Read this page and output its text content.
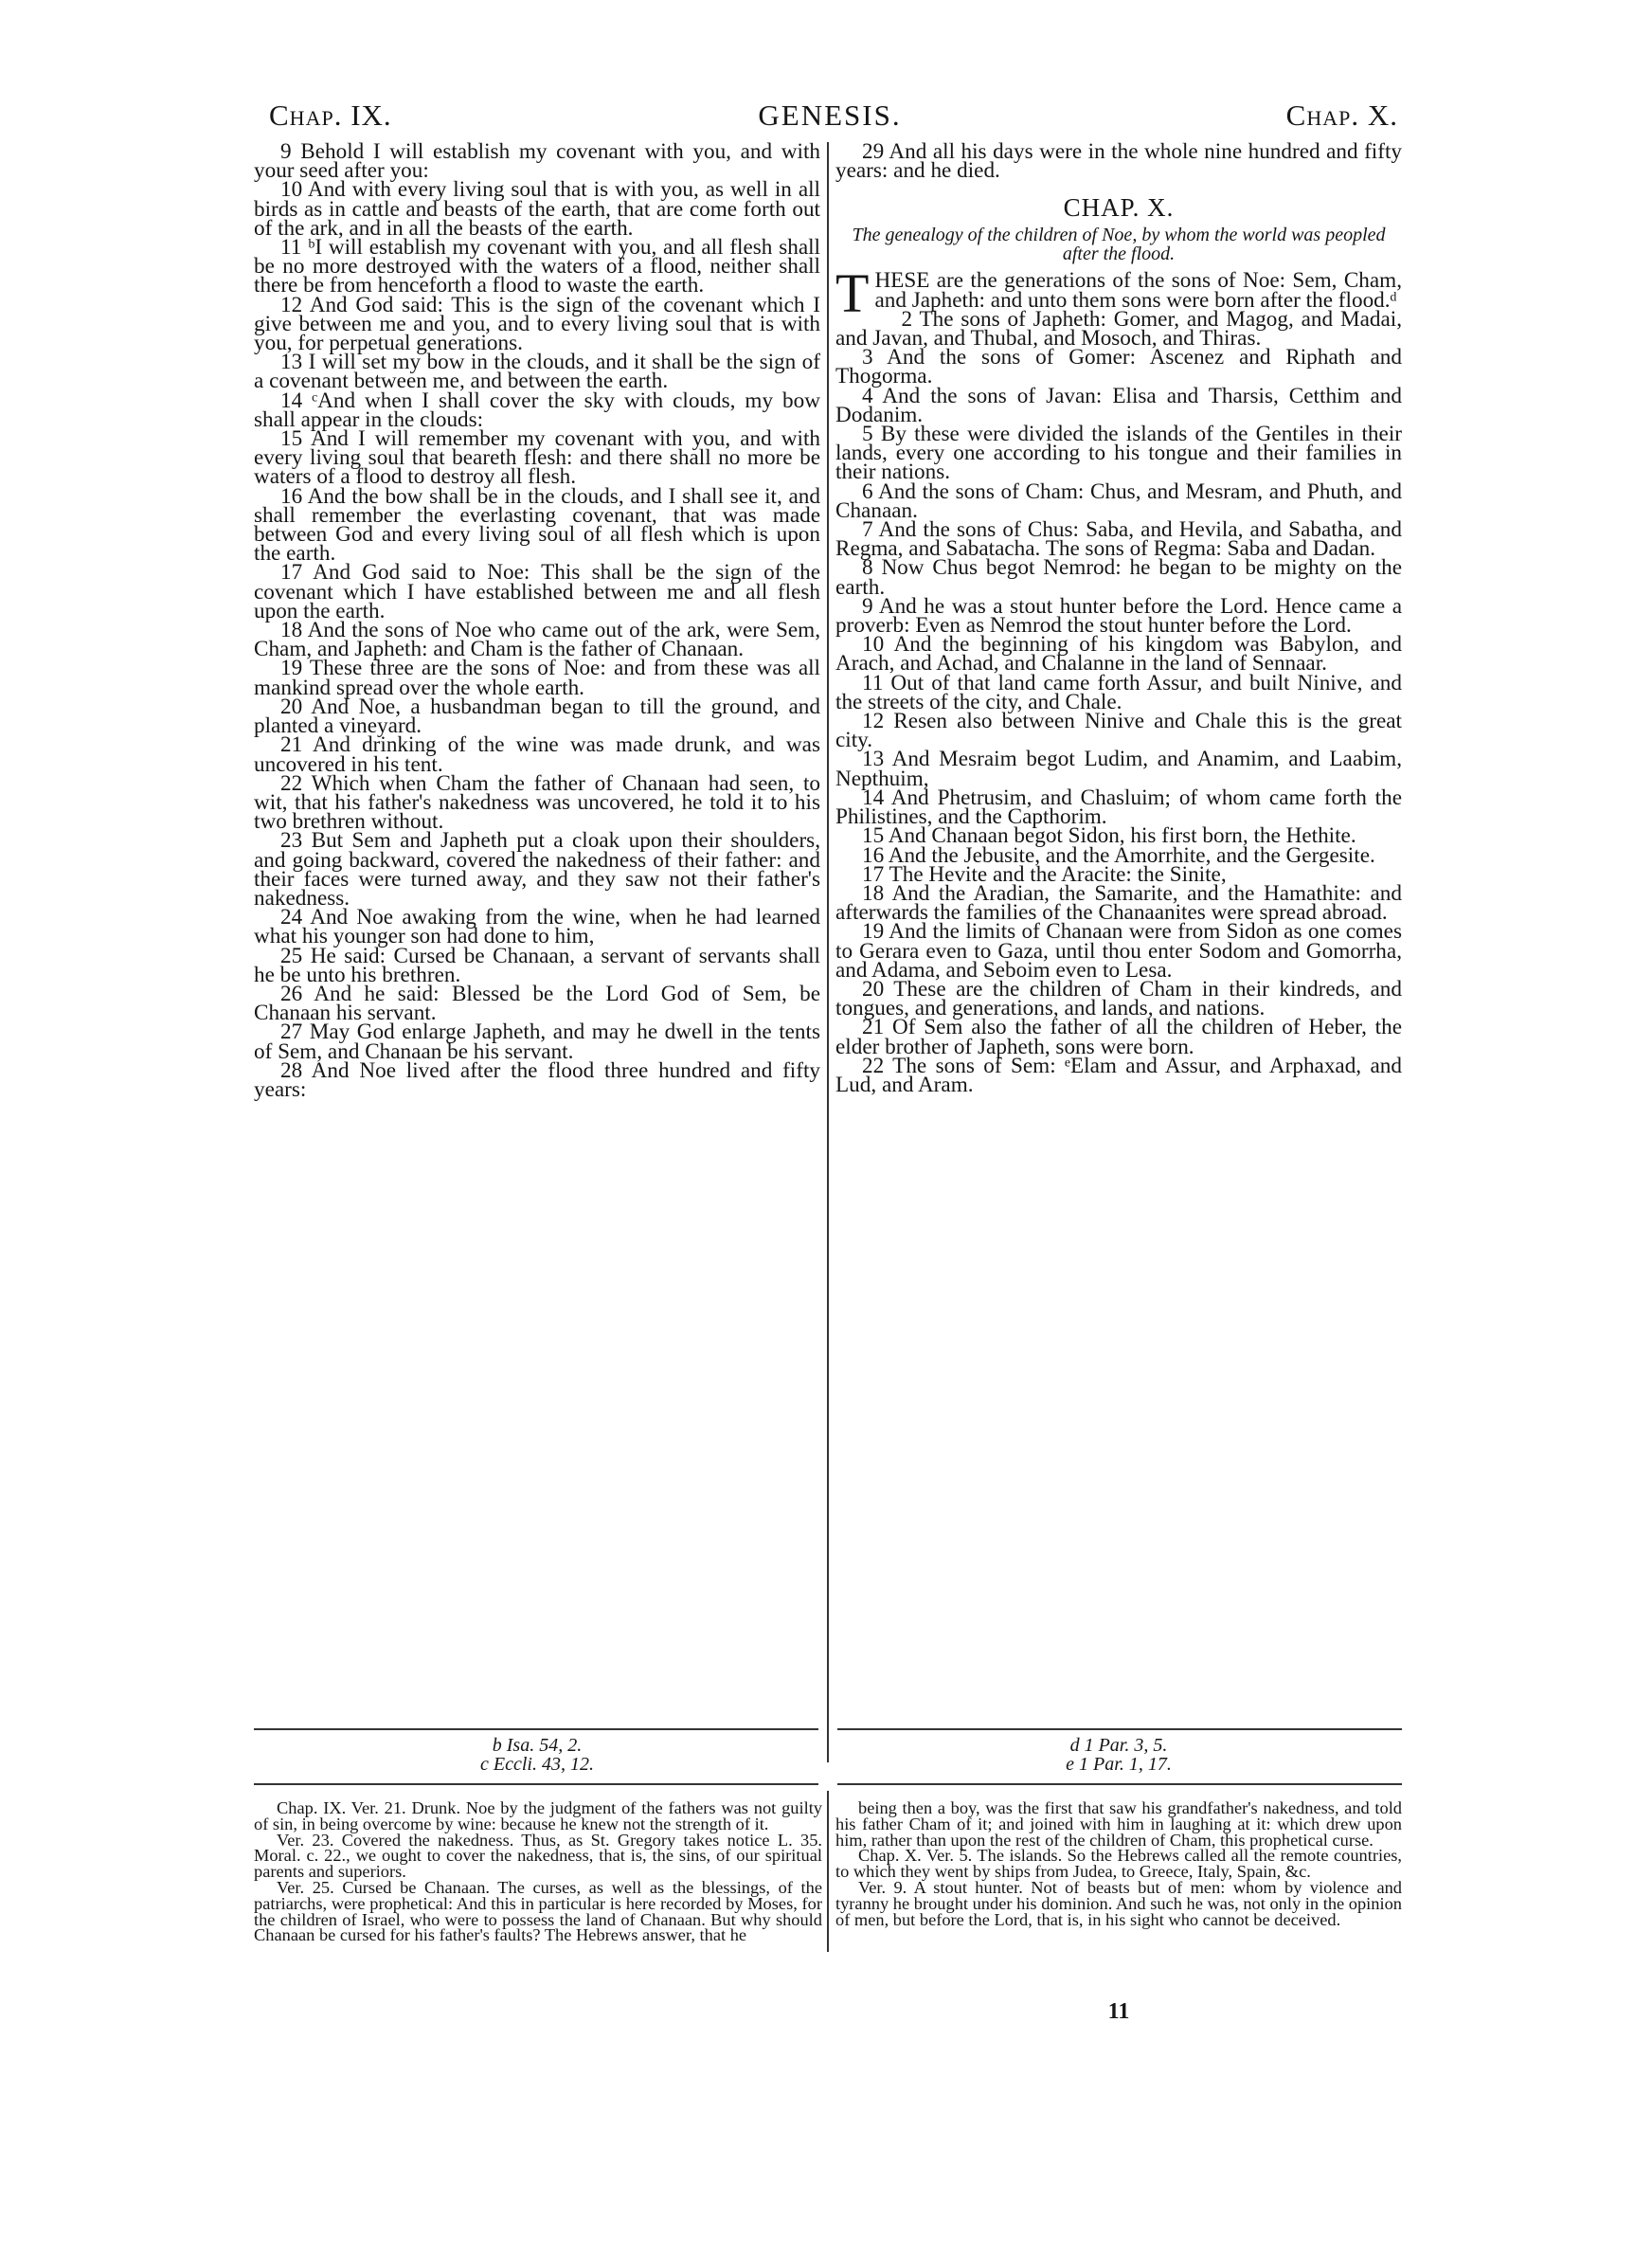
Chap. IX.	GENESIS.	Chap. X.

9 Behold I will establish my covenant with you, and with your seed after you:

10 And with every living soul that is with you, as well in all birds as in cattle and beasts of the earth, that are come forth out of the ark, and in all the beasts of the earth.

11 ᵇI will establish my covenant with you, and all flesh shall be no more destroyed with the waters of a flood, neither shall there be from henceforth a flood to waste the earth.

12 And God said: This is the sign of the covenant which I give between me and you, and to every living soul that is with you, for perpetual generations.

13 I will set my bow in the clouds, and it shall be the sign of a covenant between me, and between the earth.

14 ᶜAnd when I shall cover the sky with clouds, my bow shall appear in the clouds:

15 And I will remember my covenant with you, and with every living soul that beareth flesh: and there shall no more be waters of a flood to destroy all flesh.

16 And the bow shall be in the clouds, and I shall see it, and shall remember the everlasting covenant, that was made between God and every living soul of all flesh which is upon the earth.

17 And God said to Noe: This shall be the sign of the covenant which I have established between me and all flesh upon the earth.

18 And the sons of Noe who came out of the ark, were Sem, Cham, and Japheth: and Cham is the father of Chanaan.

19 These three are the sons of Noe: and from these was all mankind spread over the whole earth.

20 And Noe, a husbandman began to till the ground, and planted a vineyard.

21 And drinking of the wine was made drunk, and was uncovered in his tent.

22 Which when Cham the father of Chanaan had seen, to wit, that his father's nakedness was uncovered, he told it to his two brethren without.

23 But Sem and Japheth put a cloak upon their shoulders, and going backward, covered the nakedness of their father: and their faces were turned away, and they saw not their father's nakedness.

24 And Noe awaking from the wine, when he had learned what his younger son had done to him,

25 He said: Cursed be Chanaan, a servant of servants shall he be unto his brethren.

26 And he said: Blessed be the Lord God of Sem, be Chanaan his servant.

27 May God enlarge Japheth, and may he dwell in the tents of Sem, and Chanaan be his servant.

28 And Noe lived after the flood three hundred and fifty years:

29 And all his days were in the whole nine hundred and fifty years: and he died.

CHAP. X.
The genealogy of the children of Noe, by whom the world was peopled after the flood.

T HESE are the generations of the sons of Noe: Sem, Cham, and Japheth: and unto them sons were born after the flood.ᵈ

2 The sons of Japheth: Gomer, and Magog, and Madai, and Javan, and Thubal, and Mosoch, and Thiras.

3 And the sons of Gomer: Ascenez and Riphath and Thogorma.

4 And the sons of Javan: Elisa and Tharsis, Cetthim and Dodanim.

5 By these were divided the islands of the Gentiles in their lands, every one according to his tongue and their families in their nations.

6 And the sons of Cham: Chus, and Mesram, and Phuth, and Chanaan.

7 And the sons of Chus: Saba, and Hevila, and Sabatha, and Regma, and Sabatacha. The sons of Regma: Saba and Dadan.

8 Now Chus begot Nemrod: he began to be mighty on the earth.

9 And he was a stout hunter before the Lord. Hence came a proverb: Even as Nemrod the stout hunter before the Lord.

10 And the beginning of his kingdom was Babylon, and Arach, and Achad, and Chalanne in the land of Sennaar.

11 Out of that land came forth Assur, and built Ninive, and the streets of the city, and Chale.

12 Resen also between Ninive and Chale this is the great city.

13 And Mesraim begot Ludim, and Anamim, and Laabim, Nepthuim,

14 And Phetrusim, and Chasluim; of whom came forth the Philistines, and the Capthorim.

15 And Chanaan begot Sidon, his first born, the Hethite.

16 And the Jebusite, and the Amorrhite, and the Gergesite.

17 The Hevite and the Aracite: the Sinite,

18 And the Aradian, the Samarite, and the Hamathite: and afterwards the families of the Chanaanites were spread abroad.

19 And the limits of Chanaan were from Sidon as one comes to Gerara even to Gaza, until thou enter Sodom and Gomorrha, and Adama, and Seboim even to Lesa.

20 These are the children of Cham in their kindreds, and tongues, and generations, and lands, and nations.

21 Of Sem also the father of all the children of Heber, the elder brother of Japheth, sons were born.

22 The sons of Sem: ᵉElam and Assur, and Arphaxad, and Lud, and Aram.

b Isa. 54, 2.
c Eccli. 43, 12.
d 1 Par. 3, 5.
e 1 Par. 1, 17.

Chap. IX. Ver. 21. Drunk. Noe by the judgment of the fathers was not guilty of sin, in being overcome by wine: because he knew not the strength of it.

Ver. 23. Covered the nakedness. Thus, as St. Gregory takes notice L. 35. Moral. c. 22., we ought to cover the nakedness, that is, the sins, of our spiritual parents and superiors.

Ver. 25. Cursed be Chanaan. The curses, as well as the blessings, of the patriarchs, were prophetical: And this in particular is here recorded by Moses, for the children of Israel, who were to possess the land of Chanaan. But why should Chanaan be cursed for his father's faults? The Hebrews answer, that he

being then a boy, was the first that saw his grandfather's nakedness, and told his father Cham of it; and joined with him in laughing at it: which drew upon him, rather than upon the rest of the children of Cham, this prophetical curse.

Chap. X. Ver. 5. The islands. So the Hebrews called all the remote countries, to which they went by ships from Judea, to Greece, Italy, Spain, &c.

Ver. 9. A stout hunter. Not of beasts but of men: whom by violence and tyranny he brought under his dominion. And such he was, not only in the opinion of men, but before the Lord, that is, in his sight who cannot be deceived.

11
